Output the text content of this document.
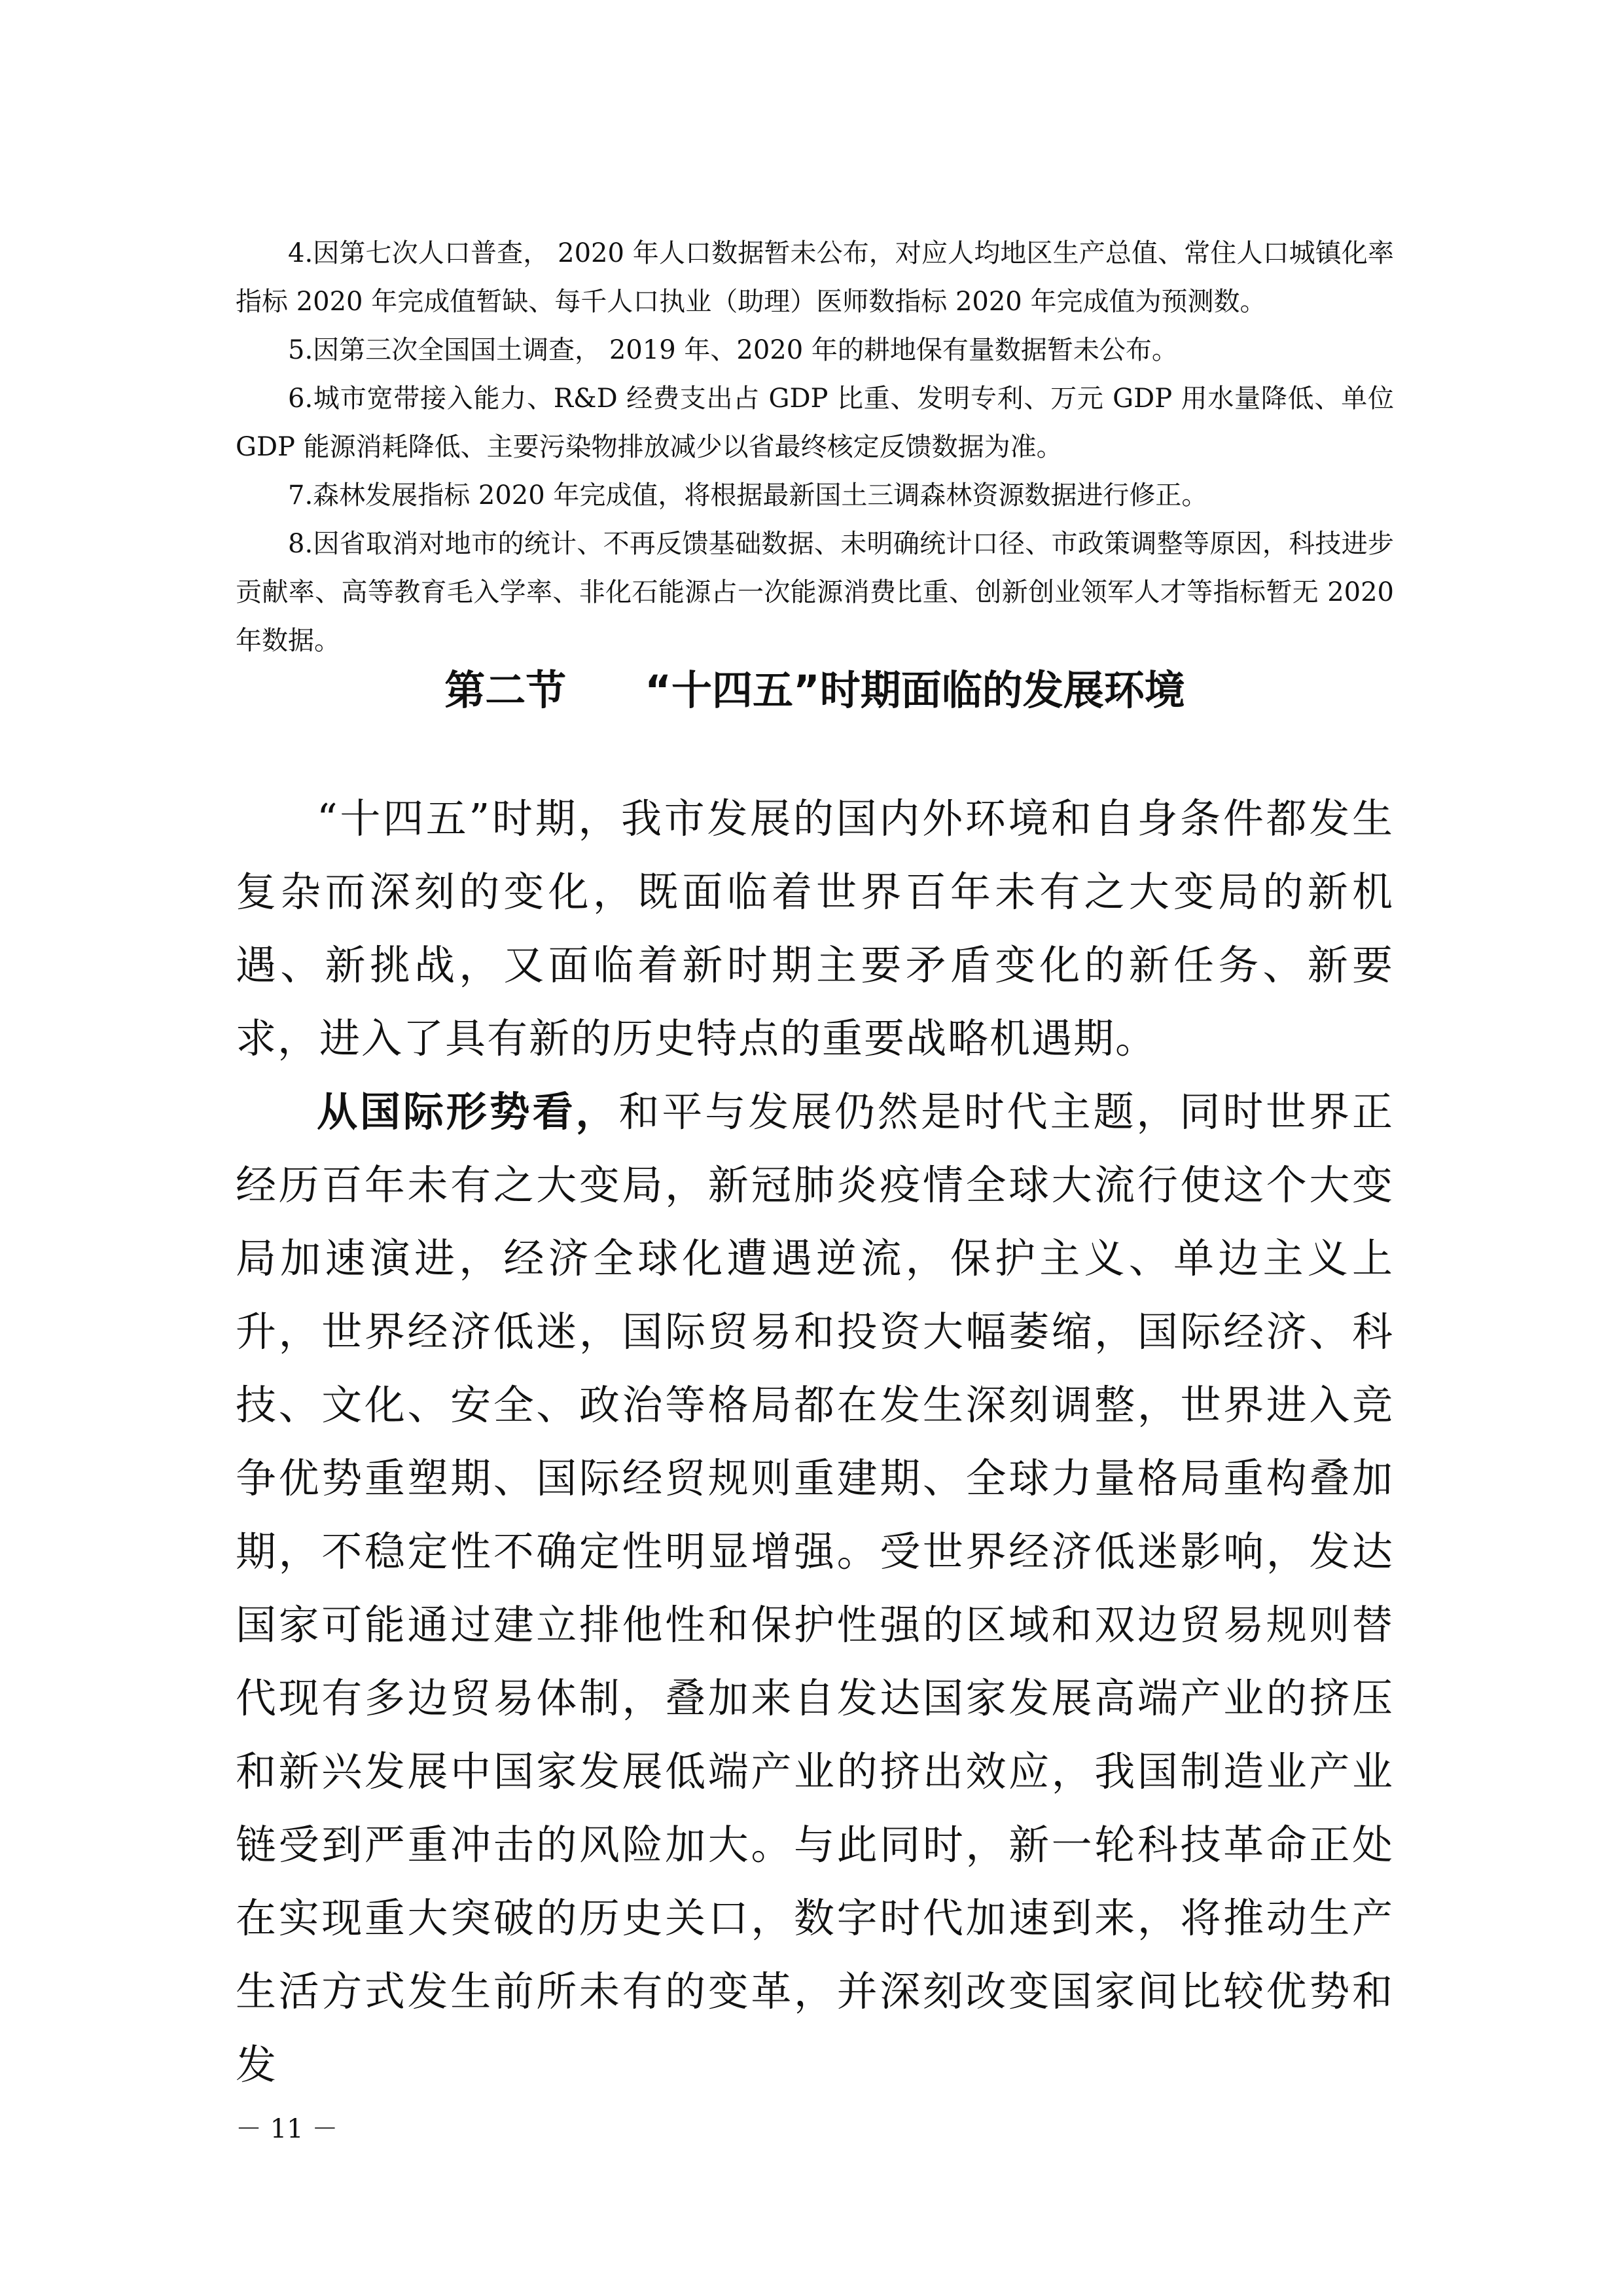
4.因第七次人口普查， 2020 年人口数据暂未公布，对应人均地区生产总值、常住人口城镇化率指标 2020 年完成值暂缺、每千人口执业（助理）医师数指标 2020 年完成值为预测数。

5.因第三次全国国土调查， 2019 年、2020 年的耕地保有量数据暂未公布。

6.城市宽带接入能力、R&D 经费支出占 GDP 比重、发明专利、万元 GDP 用水量降低、单位 GDP 能源消耗降低、主要污染物排放减少以省最终核定反馈数据为准。

7.森林发展指标 2020 年完成值，将根据最新国土三调森林资源数据进行修正。

8.因省取消对地市的统计、不再反馈基础数据、未明确统计口径、市政策调整等原因，科技进步贡献率、高等教育毛入学率、非化石能源占一次能源消费比重、创新创业领军人才等指标暂无 2020 年数据。

第二节 “十四五”时期面临的发展环境

“十四五”时期，我市发展的国内外环境和自身条件都发生复杂而深刻的变化，既面临着世界百年未有之大变局的新机遇、新挑战，又面临着新时期主要矛盾变化的新任务、新要求，进入了具有新的历史特点的重要战略机遇期。

从国际形势看，和平与发展仍然是时代主题，同时世界正经历百年未有之大变局，新冠肺炎疫情全球大流行使这个大变局加速演进，经济全球化遭遇逆流，保护主义、单边主义上升，世界经济低迷，国际贸易和投资大幅萎缩，国际经济、科技、文化、安全、政治等格局都在发生深刻调整，世界进入竞争优势重塑期、国际经贸规则重建期、全球力量格局重构叠加期，不稳定性不确定性明显增强。受世界经济低迷影响，发达国家可能通过建立排他性和保护性强的区域和双边贸易规则替代现有多边贸易体制，叠加来自发达国家发展高端产业的挤压和新兴发展中国家发展低端产业的挤出效应，我国制造业产业链受到严重冲击的风险加大。与此同时，新一轮科技革命正处在实现重大突破的历史关口，数字时代加速到来，将推动生产生活方式发生前所未有的变革，并深刻改变国家间比较优势和发

－ 11 －
